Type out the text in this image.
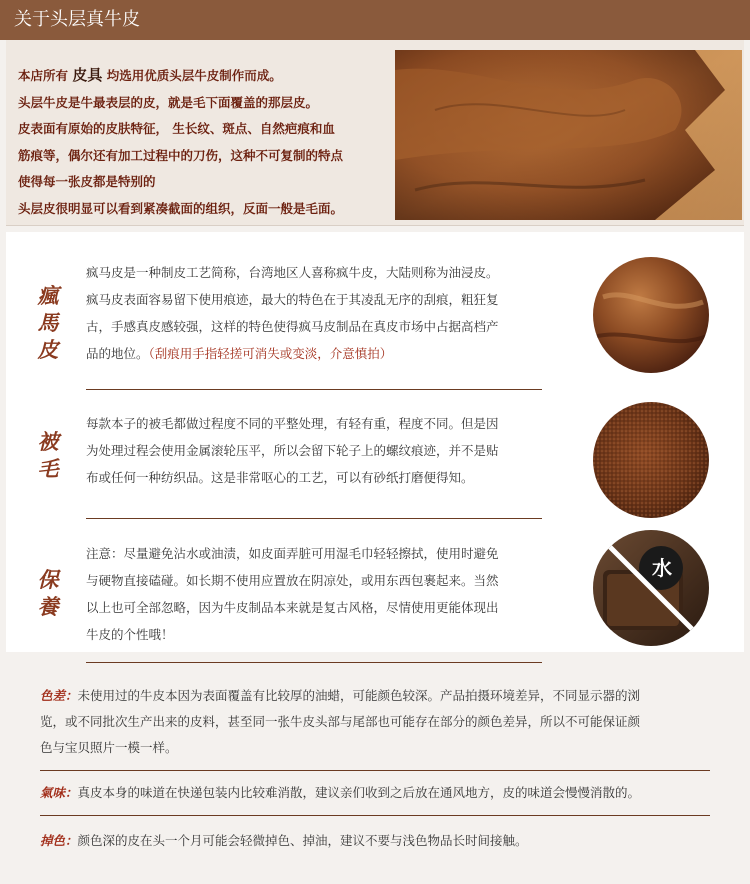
关于头层真牛皮
本店所有 皮具 均选用优质头层牛皮制作而成。
头层牛皮是牛最表层的皮，就是毛下面覆盖的那层皮。
皮表面有原始的皮肤特征， 生长纹、斑点、自然疤痕和血
筋痕等，偶尔还有加工过程中的刀伤，这种不可复制的特点
使得每一张皮都是特别的
头层皮很明显可以看到紧凑截面的组织，反面一般是毛面。
瘋馬皮
疯马皮是一种制皮工艺简称，台湾地区人喜称疯牛皮，大陆则称为油浸皮。
疯马皮表面容易留下使用痕迹，最大的特色在于其凌乱无序的刮痕，粗狂复
古，手感真皮感较强，这样的特色使得疯马皮制品在真皮市场中占据高档产
品的地位。（刮痕用手指轻搓可消失或变淡，介意慎拍）
被毛
每款本子的被毛都做过程度不同的平整处理，有轻有重，程度不同。但是因
为处理过程会使用金属滚轮压平，所以会留下轮子上的螺纹痕迹，并不是贴
布或任何一种纺织品。这是非常呕心的工艺，可以有砂纸打磨便得知。
保養
注意：尽量避免沾水或油渍，如皮面弄脏可用湿毛巾轻轻擦拭，使用时避免
与硬物直接磕碰。如长期不使用应置放在阴凉处，或用东西包裹起来。当然
以上也可全部忽略，因为牛皮制品本来就是复古风格，尽情使用更能体现出
牛皮的个性哦！
水
色差：未使用过的牛皮本因为表面覆盖有比较厚的油蜡，可能颜色较深。产品拍摄环境差异，不同显示器的浏
览，或不同批次生产出来的皮料，甚至同一张牛皮头部与尾部也可能存在部分的颜色差异，所以不可能保证颜
色与宝贝照片一模一样。
氣味：真皮本身的味道在快递包装内比较难消散，建议亲们收到之后放在通风地方，皮的味道会慢慢消散的。
掉色：颜色深的皮在头一个月可能会轻微掉色、掉油，建议不要与浅色物品长时间接触。
